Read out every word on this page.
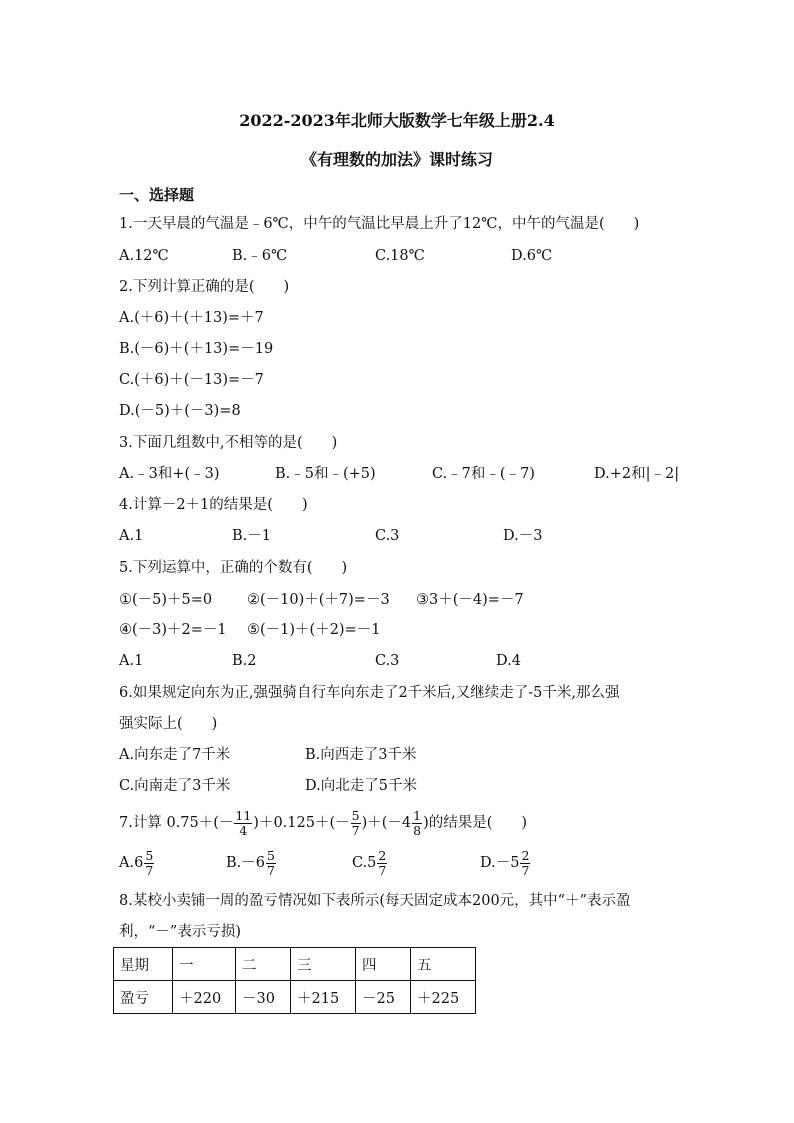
2022-2023年北师大版数学七年级上册2.4
《有理数的加法》课时练习
一、选择题
1.一天早晨的气温是﹣6℃，中午的气温比早晨上升了12℃，中午的气温是(　　)
A.12℃	B.﹣6℃	C.18℃	D.6℃
2.下列计算正确的是(　　)
A.(＋6)＋(＋13)=＋7
B.(－6)＋(＋13)=－19
C.(＋6)＋(－13)=－7
D.(－5)＋(－3)=8
3.下面几组数中,不相等的是(　　)
A.﹣3和+(﹣3)	B.﹣5和﹣(+5)	C.﹣7和﹣(﹣7)	D.+2和|﹣2|
4.计算－2＋1的结果是(　　)
A.1	B.－1	C.3	D.－3
5.下列运算中，正确的个数有(　　)
①(－5)＋5=0 ②(－10)＋(＋7)=－3 ③3＋(－4)=－7
④(－3)＋2=－1 ⑤(－1)＋(＋2)=－1
A.1	B.2	C.3	D.4
6.如果规定向东为正,强强骑自行车向东走了2千米后,又继续走了-5千米,那么强
强实际上(　　)
A.向东走了7千米	B.向西走了3千米
C.向南走了3千米	D.向北走了5千米
7.计算 $0.75+(- \frac{11}{4} )+0.125+(- \frac{5}{7} )+(-4 \frac{1}{8}$ )的结果是(　　)
$A.6 \frac{5}{7}$	$B.-6 \frac{5}{7}$	$C.5 \frac{2}{7}$	$D.-5 \frac{2}{7}$
8.某校小卖铺一周的盈亏情况如下表所示(每天固定成本200元，其中“＋”表示盈
利，“－”表示亏损)
星期	一	二	三	四	五
盈亏	＋220	－30	＋215	－25	＋225
